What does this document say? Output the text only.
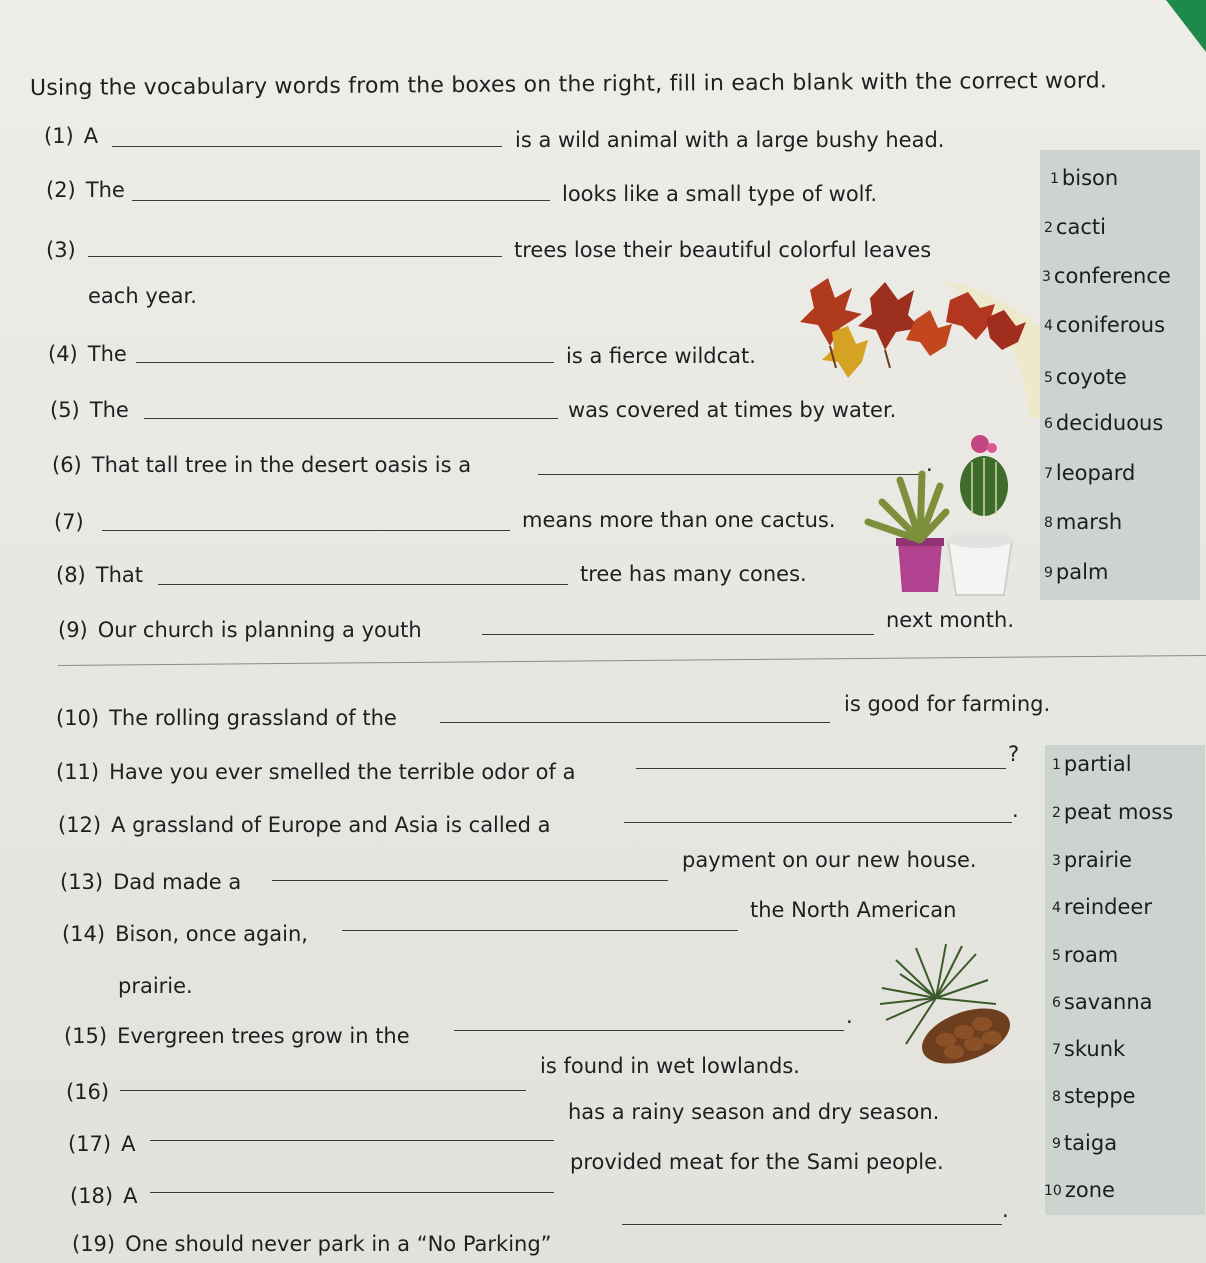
Using the vocabulary words from the boxes on the right, fill in each blank with the correct word.
1 bison
2 cacti
3 conference
4 coniferous
5 coyote
6 deciduous
7 leopard
8 marsh
9 palm
1 partial
2 peat moss
3 prairie
4 reindeer
5 roam
6 savanna
7 skunk
8 steppe
9 taiga
10 zone
(1) A	is a wild animal with a large bushy head.
(2) The	looks like a small type of wolf.
(3)	trees lose their beautiful colorful leaves
each year.
(4) The	is a fierce wildcat.
(5) The	was covered at times by water.
(6) That tall tree in the desert oasis is a	.
(7)	means more than one cactus.
(8) That	tree has many cones.
(9) Our church is planning a youth	next month.
(10) The rolling grassland of the
is good for farming.
(11) Have you ever smelled the terrible odor of a
?
(12) A grassland of Europe and Asia is called a
.
(13) Dad made a
payment on our new house.
(14) Bison, once again,
the North American
prairie.
(15) Evergreen trees grow in the
.
(16)
is found in wet lowlands.
(17) A
has a rainy season and dry season.
(18) A
provided meat for the Sami people.
(19) One should never park in a “No Parking”
.
